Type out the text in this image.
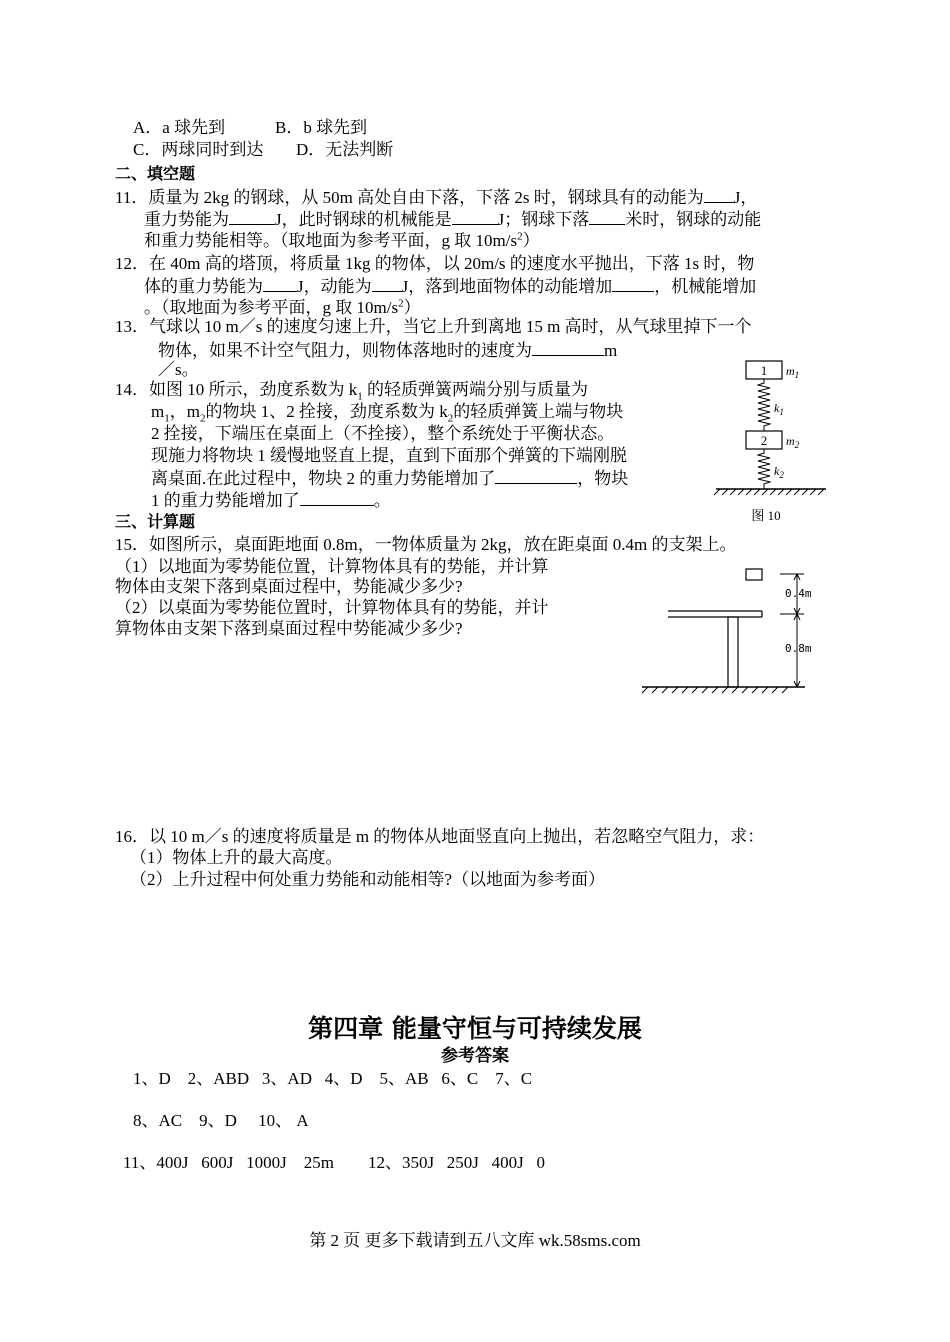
A．a 球先到	B．b 球先到
C．两球同时到达 D．无法判断
二、填空题
11．质量为 2kg 的钢球，从 50m 高处自由下落，下落 2s 时，钢球具有的动能为 J，
重力势能为	J，此时钢球的机械能是	J；钢球下落 米时，钢球的动能
和重力势能相等。（取地面为参考平面，g 取 $10m/s^2$）
12．在 40m 高的塔顶，将质量 1kg 的物体，以 20m/s 的速度水平抛出，下落 1s 时，物
体的重力势能为 J，动能为 J，落到地面物体的动能增加 ，机械能增加
。（取地面为参考平面，g 取 $10m/s^2$）
13．气球以 10 m／s 的速度匀速上升，当它上升到离地 15 m 高时，从气球里掉下一个
物体，如果不计空气阻力，则物体落地时的速度为	m
／s。
14．如图 10 所示，劲度系数为 $k_1$ 的轻质弹簧两端分别与质量为
$m_1$，$m_2$的物块 1、2 拴接，劲度系数为 $k_2$的轻质弹簧上端与物块
2 拴接，下端压在桌面上（不拴接），整个系统处于平衡状态。
现施力将物块 1 缓慢地竖直上提，直到下面那个弹簧的下端刚脱
离桌面.在此过程中，物块 2 的重力势能增加了	，物块
1 的重力势能增加了	。
1 $m_1$
$k_1$
2 $m_2$
$k_2$
图 10
三、计算题
15．如图所示，桌面距地面 0.8m，一物体质量为 2kg，放在距桌面 0.4m 的支架上。
（1）以地面为零势能位置，计算物体具有的势能，并计算
物体由支架下落到桌面过程中，势能减少多少?
（2）以桌面为零势能位置时，计算物体具有的势能，并计
算物体由支架下落到桌面过程中势能减少多少?
0.4m
0.8m
16．以 10 m／s 的速度将质量是 m 的物体从地面竖直向上抛出，若忽略空气阻力，求：
（1）物体上升的最大高度。
（2）上升过程中何处重力势能和动能相等?（以地面为参考面）
第四章 能量守恒与可持续发展
参考答案
1、D    2、ABD   3、AD   4、D    5、AB   6、C    7、C
8、AC    9、D     10、 A
11、400J   600J   1000J    25m        12、350J   250J   400J   0
第 2 页 更多下载请到五八文库 wk.58sms.com
